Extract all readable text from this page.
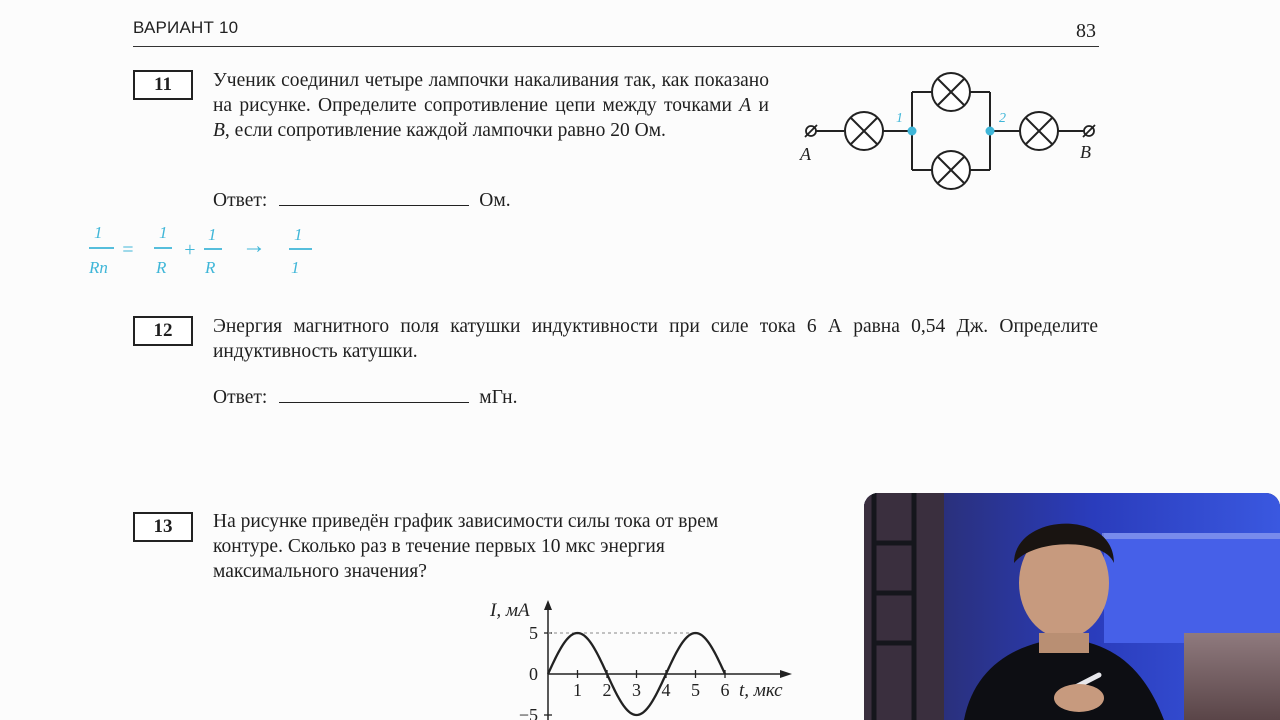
ВАРИАНТ 10	83
11	Ученик соединил четыре лампочки накаливания так, как показано на рисунке. Определите сопротивление цепи между точками A и B, если сопротивление каждой лампочки равно 20 Ом.
Ответ:	Ом.
1	2
A	B
1
Rп
=
1
R
+
1
R
→ 1
1
12	Энергия магнитного поля катушки индуктивности при силе тока 6 А равна 0,54 Дж. Определите индуктивность катушки.
Ответ:	мГн.
13	На рисунке приведён график зависимости силы тока от врем
контуре. Сколько раз в течение первых 10 мкс энергия
максимального значения?
5
0
−5
1 2 3 4 5 6
I, мА
t, мкс
